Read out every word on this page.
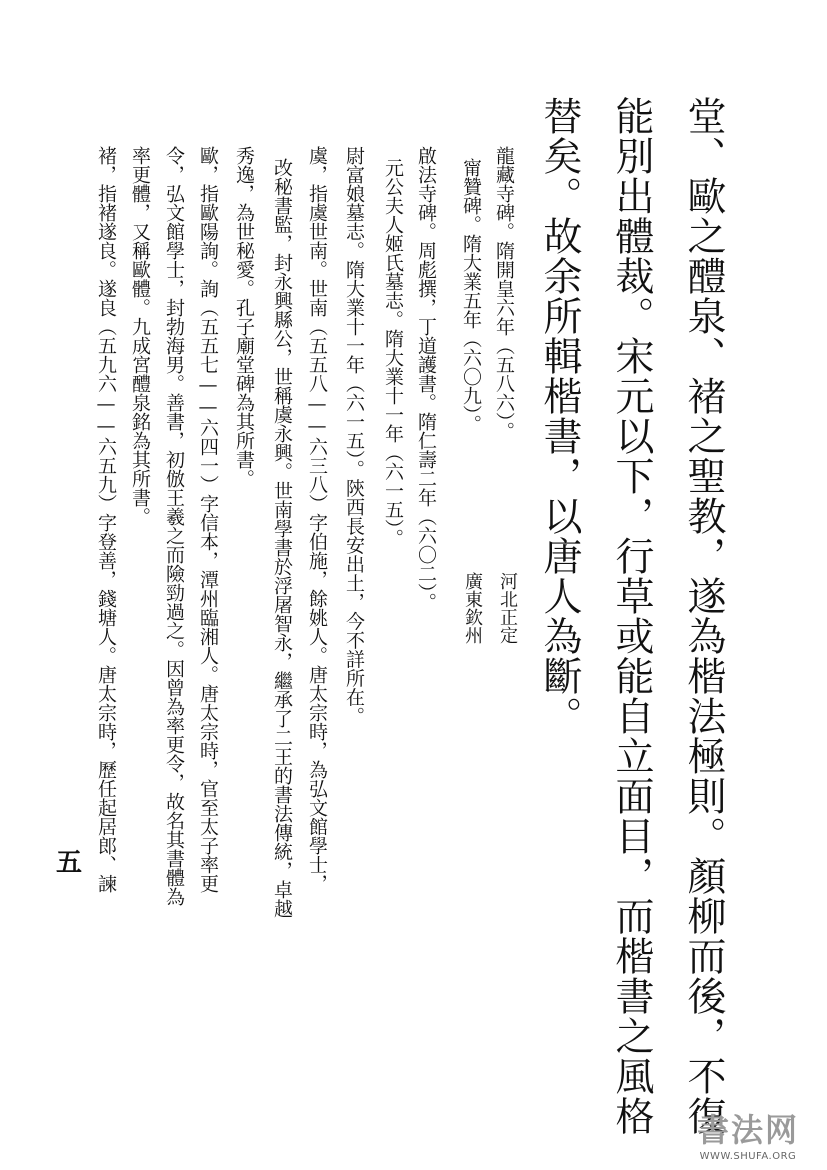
堂、歐之醴泉、褚之聖教，遂為楷法極則。顏柳而後，不復
能別出體裁。宋元以下，行草或能自立面目，而楷書之風格
替矣。故余所輯楷書，以唐人為斷。
龍藏寺碑。隋開皇六年（五八六）。
河北正定
甯贊碑。隋大業五年（六〇九）。
廣東欽州
啟法寺碑。周彪撰，丁道護書。隋仁壽二年（六〇二）。
元公夫人姬氏墓志。隋大業十一年（六一五）。
尉富娘墓志。隋大業十一年（六一五）。陝西長安出土，今不詳所在。
虞，指虞世南。世南（五五八——六三八）字伯施，餘姚人。唐太宗時，為弘文館學士，
改秘書監，封永興縣公，世稱虞永興。世南學書於浮屠智永，繼承了二王的書法傳統，卓越
秀逸，為世秘愛。孔子廟堂碑為其所書。
歐，指歐陽詢。詢（五五七——六四一）字信本，潭州臨湘人。唐太宗時，官至太子率更
令，弘文館學士，封勃海男。善書，初倣王羲之而險勁過之。因曾為率更令，故名其書體為
率更體，又稱歐體。九成宮醴泉銘為其所書。
褚，指褚遂良。遂良（五九六——六五九）字登善，錢塘人。唐太宗時，歷任起居郎、諫
五
書法网
WWW.SHUFA.ORG
